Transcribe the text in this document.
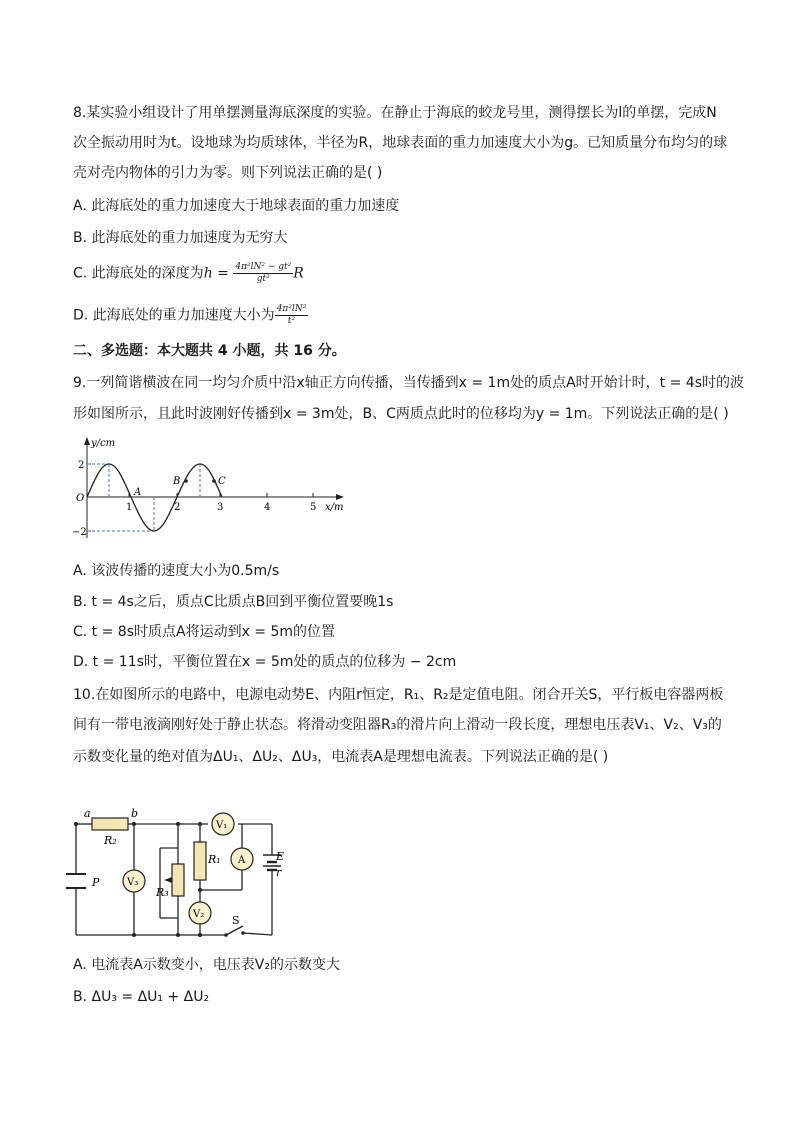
8.某实验小组设计了用单摆测量海底深度的实验。在静止于海底的蛟龙号里，测得摆长为l的单摆，完成N
次全振动用时为t。设地球为均质球体，半径为R，地球表面的重力加速度大小为g。已知质量分布均匀的球
壳对壳内物体的引力为零。则下列说法正确的是( )
A. 此海底处的重力加速度大于地球表面的重力加速度
B. 此海底处的重力加速度为无穷大
C. 此海底处的深度为$h = \frac{\text{4π²lN² − gt²}}{\text{gt²}}$ R
D. 此海底处的重力加速度大小为 $\frac{\text{4π²lN²}}{\text{t²}}$
二、多选题：本大题共 4 小题，共 16 分。
9.一列简谐横波在同一均匀介质中沿x轴正方向传播，当传播到x = 1m处的质点A时开始计时，t = 4s时的波
形如图所示，且此时波刚好传播到x = 3m处，B、C两质点此时的位移均为y = 1m。下列说法正确的是( )
y/cm
x/m
O
2
−2
1	2	3	4	5
A
B	C
A. 该波传播的速度大小为0.5m/s
B. t = 4s之后，质点C比质点B回到平衡位置要晚1s
C. t = 8s时质点A将运动到x = 5m的位置
D. t = 11s时，平衡位置在x = 5m处的质点的位移为 − 2cm
10.在如图所示的电路中，电源电动势E、内阻r恒定，R₁、R₂是定值电阻。闭合开关S，平行板电容器两板
间有一带电液滴刚好处于静止状态。将滑动变阻器R₃的滑片向上滑动一段长度，理想电压表V₁、V₂、V₃的
示数变化量的绝对值为ΔU₁、ΔU₂、ΔU₃，电流表A是理想电流表。下列说法正确的是( )
a	b
R₂
R₃
R₁
V₃
V₁
V₂
A	E
r
P
S
A. 电流表A示数变小，电压表V₂的示数变大
B. ΔU₃ = ΔU₁ + ΔU₂
